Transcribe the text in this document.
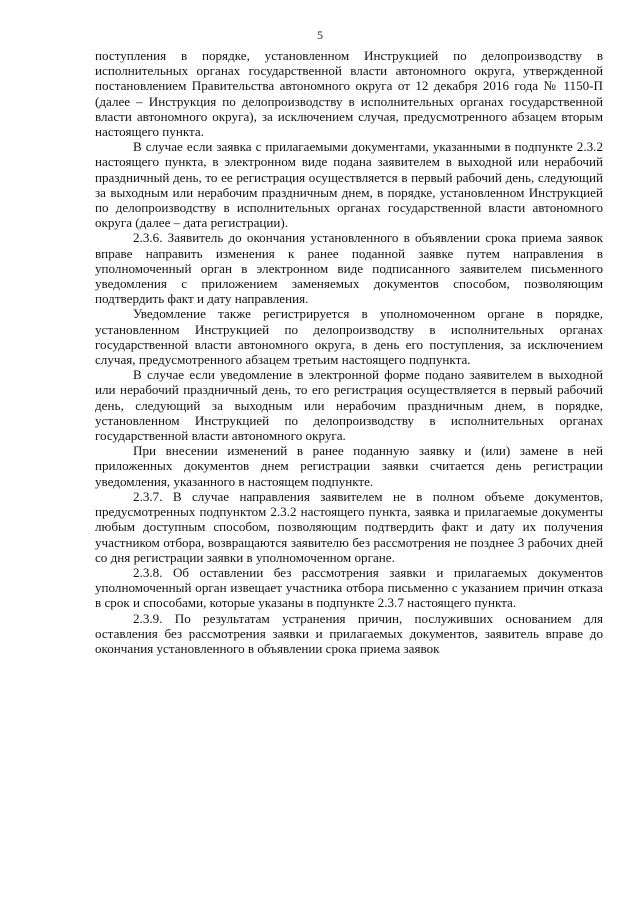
5

поступления в порядке, установленном Инструкцией по делопроизводству в исполнительных органах государственной власти автономного округа, утвержденной постановлением Правительства автономного округа от 12 декабря 2016 года № 1150-П (далее – Инструкция по делопроизводству в исполнительных органах государственной власти автономного округа), за исключением случая, предусмотренного абзацем вторым настоящего пункта.

В случае если заявка с прилагаемыми документами, указанными в подпункте 2.3.2 настоящего пункта, в электронном виде подана заявителем в выходной или нерабочий праздничный день, то ее регистрация осуществляется в первый рабочий день, следующий за выходным или нерабочим праздничным днем, в порядке, установленном Инструкцией по делопроизводству в исполнительных органах государственной власти автономного округа (далее – дата регистрации).

2.3.6. Заявитель до окончания установленного в объявлении срока приема заявок вправе направить изменения к ранее поданной заявке путем направления в уполномоченный орган в электронном виде подписанного заявителем письменного уведомления с приложением заменяемых документов способом, позволяющим подтвердить факт и дату направления.

Уведомление также регистрируется в уполномоченном органе в порядке, установленном Инструкцией по делопроизводству в исполнительных органах государственной власти автономного округа, в день его поступления, за исключением случая, предусмотренного абзацем третьим настоящего подпункта.

В случае если уведомление в электронной форме подано заявителем в выходной или нерабочий праздничный день, то его регистрация осуществляется в первый рабочий день, следующий за выходным или нерабочим праздничным днем, в порядке, установленном Инструкцией по делопроизводству в исполнительных органах государственной власти автономного округа.

При внесении изменений в ранее поданную заявку и (или) замене в ней приложенных документов днем регистрации заявки считается день регистрации уведомления, указанного в настоящем подпункте.

2.3.7. В случае направления заявителем не в полном объеме документов, предусмотренных подпунктом 2.3.2 настоящего пункта, заявка и прилагаемые документы любым доступным способом, позволяющим подтвердить факт и дату их получения участником отбора, возвращаются заявителю без рассмотрения не позднее 3 рабочих дней со дня регистрации заявки в уполномоченном органе.

2.3.8. Об оставлении без рассмотрения заявки и прилагаемых документов уполномоченный орган извещает участника отбора письменно с указанием причин отказа в срок и способами, которые указаны в подпункте 2.3.7 настоящего пункта.

2.3.9. По результатам устранения причин, послуживших основанием для оставления без рассмотрения заявки и прилагаемых документов, заявитель вправе до окончания установленного в объявлении срока приема заявок
